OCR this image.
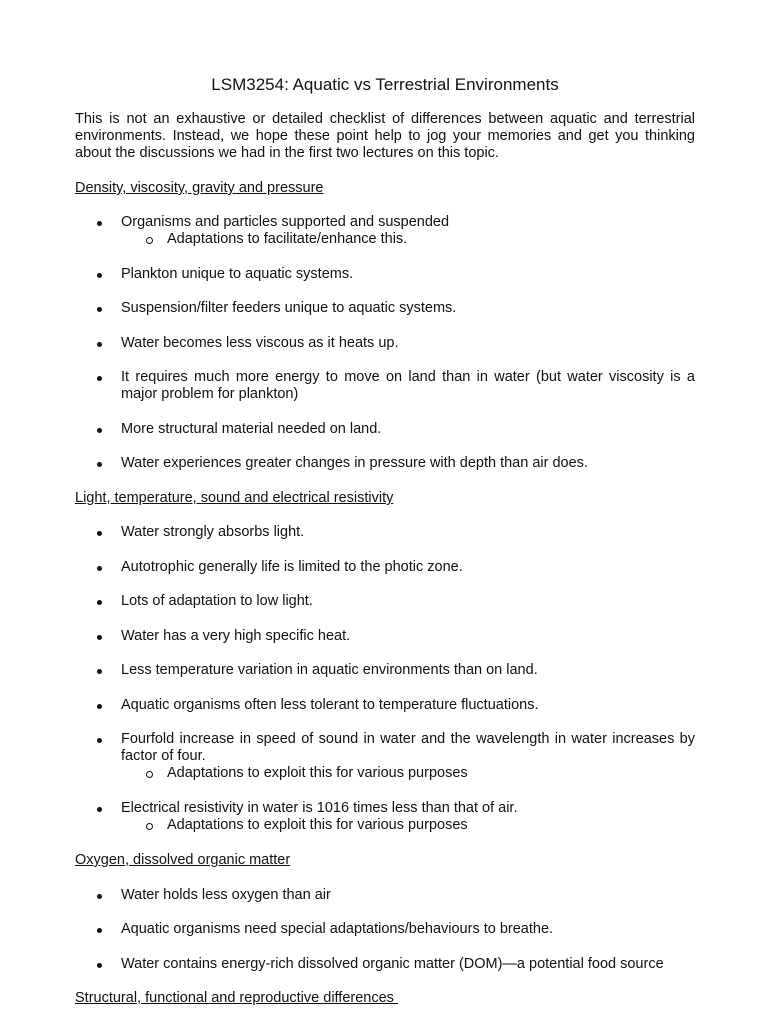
LSM3254: Aquatic vs Terrestrial Environments

This is not an exhaustive or detailed checklist of differences between aquatic and terrestrial environments. Instead, we hope these point help to jog your memories and get you thinking about the discussions we had in the first two lectures on this topic.

Density, viscosity, gravity and pressure

Organisms and particles supported and suspended
Adaptations to facilitate/enhance this.
Plankton unique to aquatic systems.
Suspension/filter feeders unique to aquatic systems.
Water becomes less viscous as it heats up.
It requires much more energy to move on land than in water (but water viscosity is a major problem for plankton)
More structural material needed on land.
Water experiences greater changes in pressure with depth than air does.

Light, temperature, sound and electrical resistivity

Water strongly absorbs light.
Autotrophic generally life is limited to the photic zone.
Lots of adaptation to low light.
Water has a very high specific heat.
Less temperature variation in aquatic environments than on land.
Aquatic organisms often less tolerant to temperature fluctuations.
Fourfold increase in speed of sound in water and the wavelength in water increases by factor of four.
Adaptations to exploit this for various purposes
Electrical resistivity in water is 1016 times less than that of air.
Adaptations to exploit this for various purposes

Oxygen, dissolved organic matter

Water holds less oxygen than air
Aquatic organisms need special adaptations/behaviours to breathe.
Water contains energy-rich dissolved organic matter (DOM)—a potential food source

Structural, functional and reproductive differences
